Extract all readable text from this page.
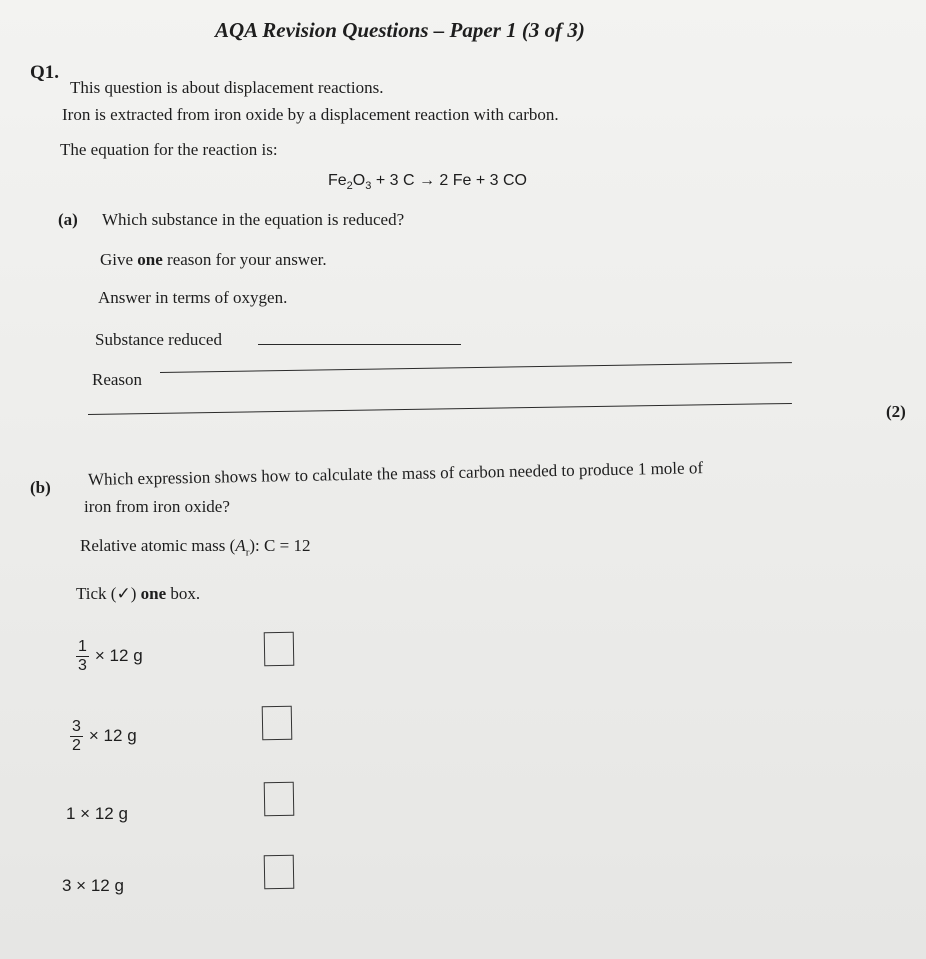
AQA Revision Questions – Paper 1 (3 of 3)
Q1.
This question is about displacement reactions.
Iron is extracted from iron oxide by a displacement reaction with carbon.
The equation for the reaction is:
$Fe_2O_3 + 3$ C → 2 Fe + 3 CO
(a) Which substance in the equation is reduced?
Give one reason for your answer.
Answer in terms of oxygen.
Substance reduced
Reason
(2)
(b) Which expression shows how to calculate the mass of carbon needed to produce 1 mole of
iron from iron oxide?
Relative atomic mass $(A_r)$: C = 12
Tick (✓) one box.
$\frac{1}{3} \times 12$ g
$\frac{3}{2} \times 12$ g
1 × 12 g
3 × 12 g
